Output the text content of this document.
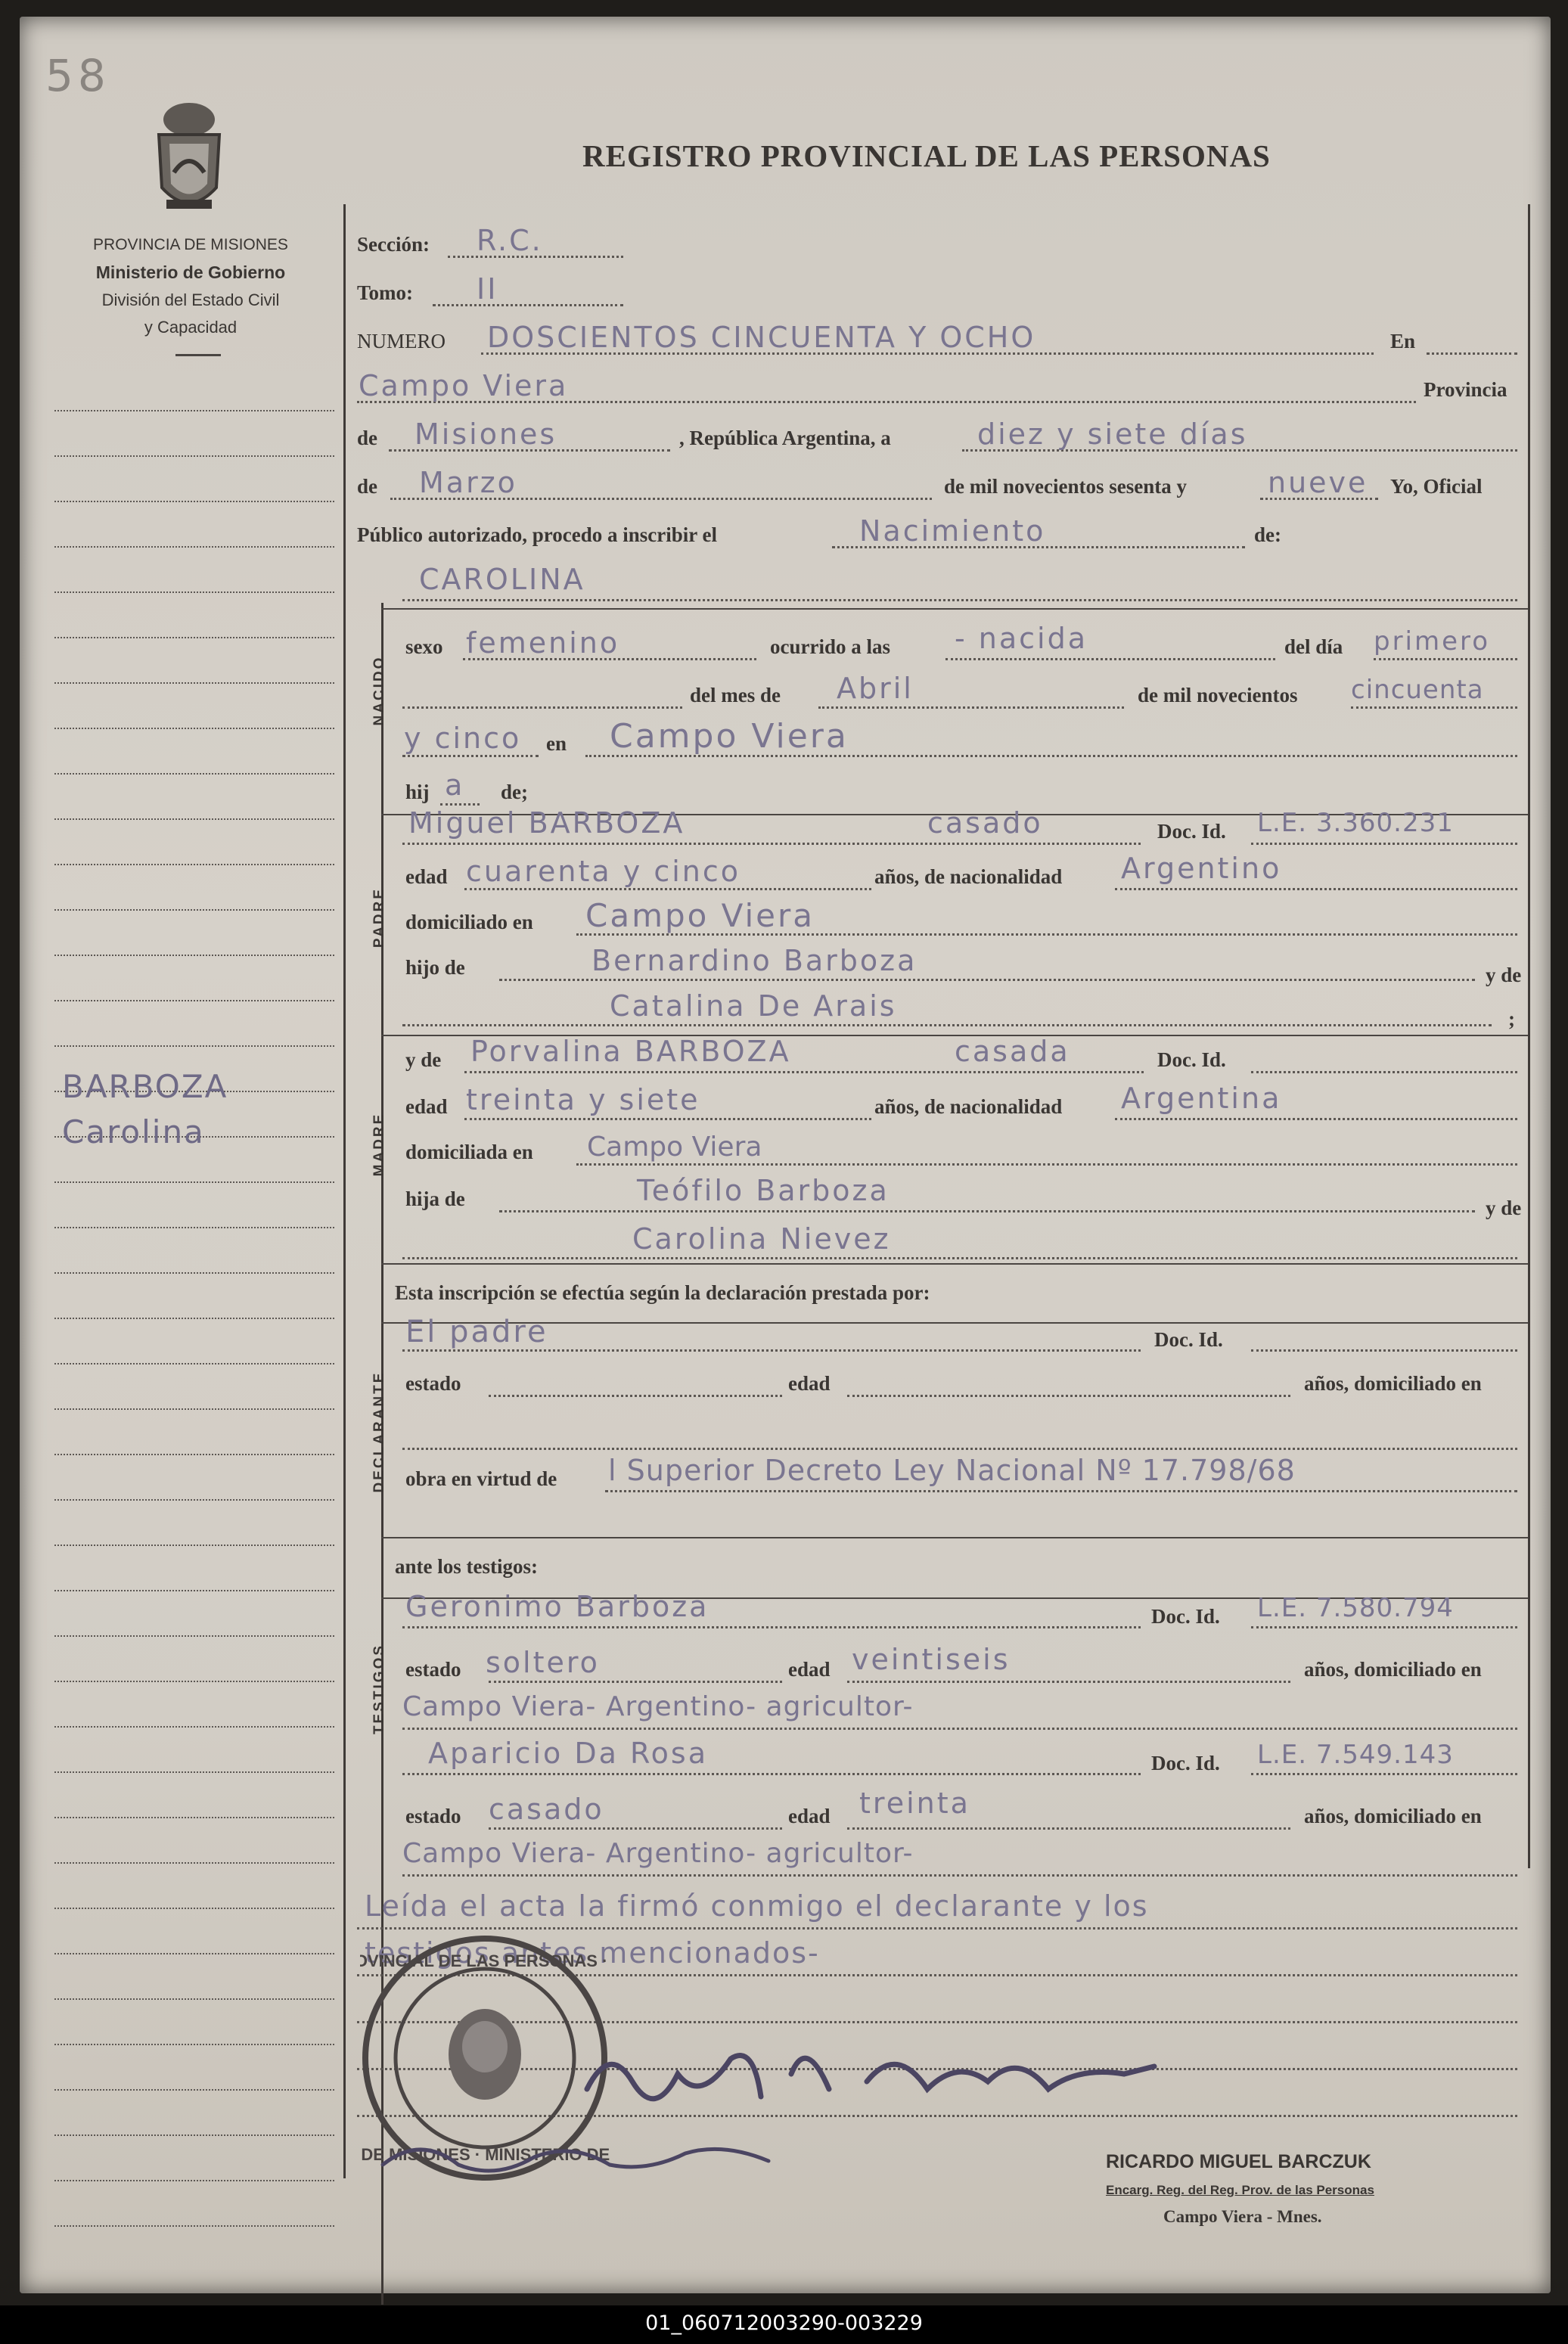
58
PROVINCIA DE MISIONES
Ministerio de Gobierno
División del Estado Civil
y Capacidad
REGISTRO PROVINCIAL DE LAS PERSONAS
BARBOZA
Carolina
Sección: R.C.
Tomo: II
NUMERO DOSCIENTOS CINCUENTA Y OCHO	En
Campo Viera	Provincia
de Misiones	, República Argentina, a	diez y siete días
de Marzo	de mil novecientos sesenta y	nueve Yo, Oficial
Público autorizado, procedo a inscribir el	Nacimiento	de:
CAROLINA
NACIDO
sexo femenino	ocurrido a las - nacida	del día primero
del mes de Abril	de mil novecientos cincuenta
y cinco en Campo Viera
hij a de;
PADRE
Miguel BARBOZA	casado	Doc. Id. L.E. 3.360.231
edad cuarenta y cinco	años, de nacionalidad Argentino
domiciliado en Campo Viera
hijo de	Bernardino Barboza	y de
Catalina De Arais	;
MADRE
y de Porvalina BARBOZA	casada	Doc. Id.
edad treinta y siete	años, de nacionalidad Argentina
domiciliada en Campo Viera
hija de	Teófilo Barboza
y de
Carolina Nievez
Esta inscripción se efectúa según la declaración prestada por:
DECLARANTE
El padre	Doc. Id.
estado	edad	años, domiciliado en
obra en virtud de l Superior Decreto Ley Nacional Nº 17.798/68
ante los testigos:
TESTIGOS
Geronimo Barboza	Doc. Id. L.E. 7.580.794
estado soltero	edad veintiseis	años, domiciliado en
Campo Viera- Argentino- agricultor-
Aparicio Da Rosa	Doc. Id. L.E. 7.549.143
estado casado	edad treinta	años, domiciliado en
Campo Viera- Argentino- agricultor-
Leída el acta la firmó conmigo el declarante y los
testigos antes mencionados-
OVINCIAL DE LAS PERSONAS ·
DE MISIONES · MINISTERIO DE	RICARDO MIGUEL BARCZUK
Encarg. Reg. del Reg. Prov. de las Personas
Campo Viera - Mnes.
01_060712003290-003229
